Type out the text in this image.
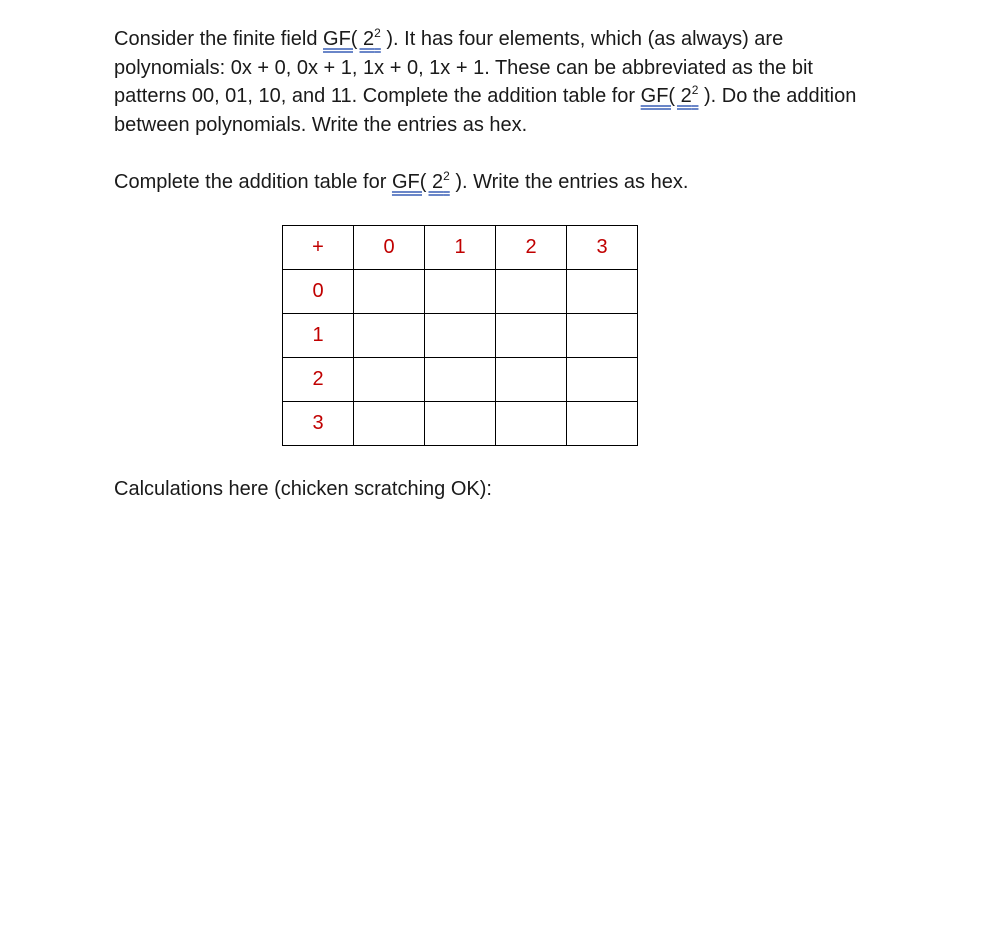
Consider the finite field GF( $2^2$ ). It has four elements, which (as always) are polynomials: 0x + 0, 0x + 1, 1x + 0, 1x + 1. These can be abbreviated as the bit patterns 00, 01, 10, and 11. Complete the addition table for GF( $2^2$ ). Do the addition between polynomials. Write the entries as hex.

Complete the addition table for GF( $2^2$ ). Write the entries as hex.

+	0	1	2	3
0				
1				
2				
3				

Calculations here (chicken scratching OK):
